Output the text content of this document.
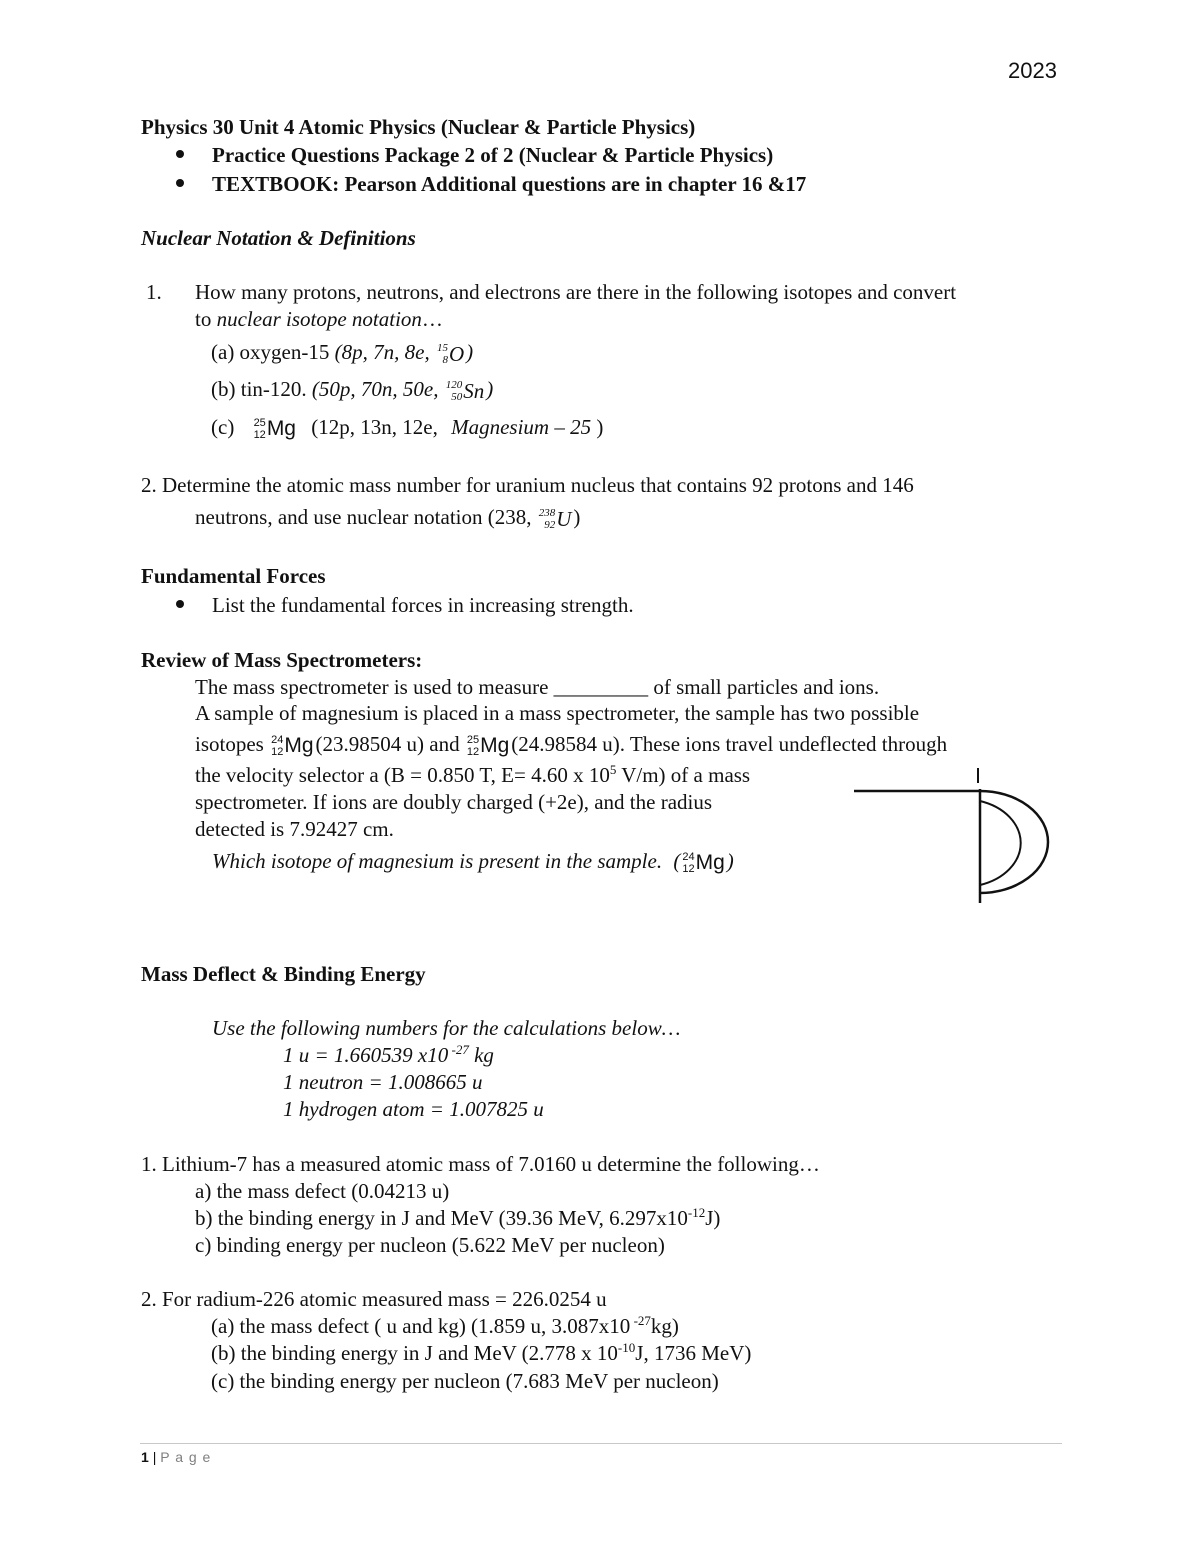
2023
Physics 30 Unit 4 Atomic Physics (Nuclear & Particle Physics)
Practice Questions Package 2 of 2 (Nuclear & Particle Physics)
TEXTBOOK: Pearson Additional questions are in chapter 16 &17
Nuclear Notation & Definitions
1. How many protons, neutrons, and electrons are there in the following isotopes and convert
to nuclear isotope notation…
(a) oxygen-15 (8p, 7n, 8e, 15
8 O )
(b) tin-120. (50p, 70n, 50e, 120
50 Sn )
(c) 25
12 Mg (12p, 13n, 12e, Magnesium – 25 )
2. Determine the atomic mass number for uranium nucleus that contains 92 protons and 146
neutrons, and use nuclear notation (238, 238
92 U )
Fundamental Forces
List the fundamental forces in increasing strength.
Review of Mass Spectrometers:
The mass spectrometer is used to measure _________ of small particles and ions.
A sample of magnesium is placed in a mass spectrometer, the sample has two possible
isotopes 24
12 Mg (23.98504 u) and 25
12 Mg (24.98584 u). These ions travel undeflected through
the velocity selector a (B = 0.850 T, E= 4.60 x $10^5$ V/m) of a mass
spectrometer. If ions are doubly charged (+2e), and the radius
detected is 7.92427 cm.
Which isotope of magnesium is present in the sample. ( 24
12 Mg )
Mass Deflect & Binding Energy
Use the following numbers for the calculations below…
1 u = 1.660539 x10 $^{-27}$ kg
1 neutron = 1.008665 u
1 hydrogen atom = 1.007825 u
1. Lithium-7 has a measured atomic mass of 7.0160 u determine the following…
a) the mass defect (0.04213 u)
b) the binding energy in J and MeV (39.36 MeV, $6.297x10^{-12}J$)
c) binding energy per nucleon (5.622 MeV per nucleon)
2. For radium-226 atomic measured mass = 226.0254 u
(a) the mass defect ( u and kg) (1.859 u, 3.087x10 $^{-27}$kg)
(b) the binding energy in J and MeV (2.778 x $10^{-10}J$, 1736 MeV)
(c) the binding energy per nucleon (7.683 MeV per nucleon)
1 | P a g e
